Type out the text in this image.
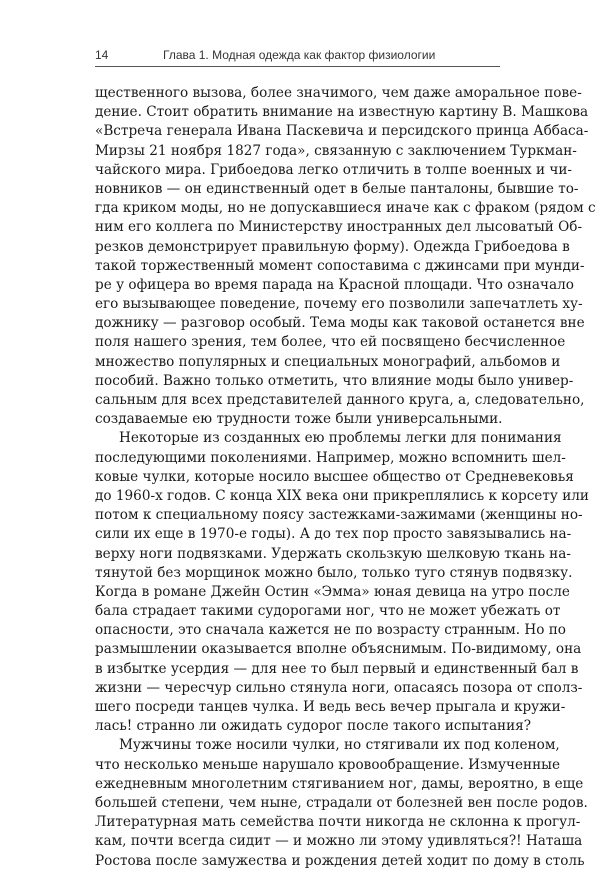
14	Глава 1. Модная одежда как фактор физиологии
щественного вызова, более значимого, чем даже аморальное пове-
дение. Стоит обратить внимание на известную картину В. Машкова
«Встреча генерала Ивана Паскевича и персидского принца Аббаса-
Мирзы 21 ноября 1827 года», связанную с заключением Туркман-
чайского мира. Грибоедова легко отличить в толпе военных и чи-
новников — он единственный одет в белые панталоны, бывшие то-
гда криком моды, но не допускавшиеся иначе как с фраком (рядом с
ним его коллега по Министерству иностранных дел лысоватый Об-
резков демонстрирует правильную форму). Одежда Грибоедова в
такой торжественный момент сопоставима с джинсами при мунди-
ре у офицера во время парада на Красной площади. Что означало
его вызывающее поведение, почему его позволили запечатлеть ху-
дожнику — разговор особый. Тема моды как таковой останется вне
поля нашего зрения, тем более, что ей посвящено бесчисленное
множество популярных и специальных монографий, альбомов и
пособий. Важно только отметить, что влияние моды было универ-
сальным для всех представителей данного круга, а, следовательно,
создаваемые ею трудности тоже были универсальными.
Некоторые из созданных ею проблемы легки для понимания
последующими поколениями. Например, можно вспомнить шел-
ковые чулки, которые носило высшее общество от Средневековья
до 1960-х годов. С конца XIX века они прикреплялись к корсету или
потом к специальному поясу застежками-зажимами (женщины но-
сили их еще в 1970-е годы). А до тех пор просто завязывались на-
верху ноги подвязками. Удержать скользкую шелковую ткань на-
тянутой без морщинок можно было, только туго стянув подвязку.
Когда в романе Джейн Остин «Эмма» юная девица на утро после
бала страдает такими судорогами ног, что не может убежать от
опасности, это сначала кажется не по возрасту странным. Но по
размышлении оказывается вполне объяснимым. По-видимому, она
в избытке усердия — для нее то был первый и единственный бал в
жизни — чересчур сильно стянула ноги, опасаясь позора от сполз-
шего посреди танцев чулка. И ведь весь вечер прыгала и кружи-
лась! странно ли ожидать судорог после такого испытания?
Мужчины тоже носили чулки, но стягивали их под коленом,
что несколько меньше нарушало кровообращение. Измученные
ежедневным многолетним стягиванием ног, дамы, вероятно, в еще
большей степени, чем ныне, страдали от болезней вен после родов.
Литературная мать семейства почти никогда не склонна к прогул-
кам, почти всегда сидит — и можно ли этому удивляться?! Наташа
Ростова после замужества и рождения детей ходит по дому в столь
